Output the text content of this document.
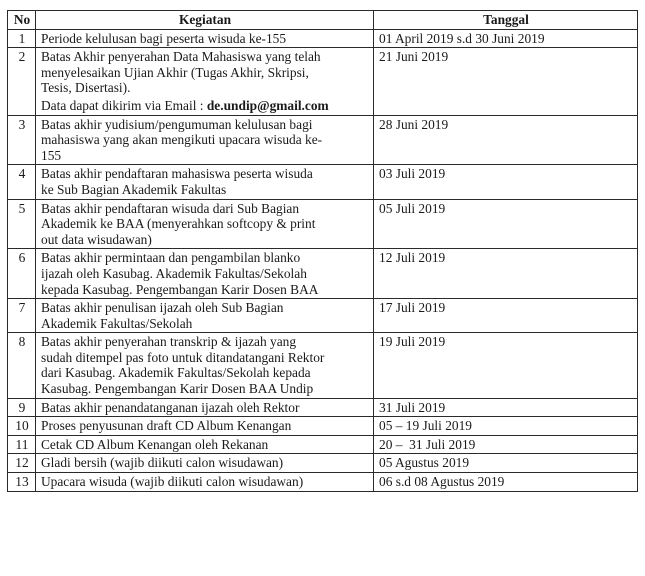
No	Kegiatan	Tanggal
1	Periode kelulusan bagi peserta wisuda ke-155	01 April 2019 s.d 30 Juni 2019
2	Batas Akhir penyerahan Data Mahasiswa yang telah
menyelesaikan Ujian Akhir (Tugas Akhir, Skripsi,
Tesis, Disertasi).
Data dapat dikirim via Email : de.undip@gmail.com	21 Juni 2019
3	Batas akhir yudisium/pengumuman kelulusan bagi
mahasiswa yang akan mengikuti upacara wisuda ke-
155	28 Juni 2019
4	Batas akhir pendaftaran mahasiswa peserta wisuda
ke Sub Bagian Akademik Fakultas	03 Juli 2019
5	Batas akhir pendaftaran wisuda dari Sub Bagian
Akademik ke BAA (menyerahkan softcopy & print
out data wisudawan)	05 Juli 2019
6	Batas akhir permintaan dan pengambilan blanko
ijazah oleh Kasubag. Akademik Fakultas/Sekolah
kepada Kasubag. Pengembangan Karir Dosen BAA	12 Juli 2019
7	Batas akhir penulisan ijazah oleh Sub Bagian
Akademik Fakultas/Sekolah	17 Juli 2019
8	Batas akhir penyerahan transkrip & ijazah yang
sudah ditempel pas foto untuk ditandatangani Rektor
dari Kasubag. Akademik Fakultas/Sekolah kepada
Kasubag. Pengembangan Karir Dosen BAA Undip	19 Juli 2019
9	Batas akhir penandatanganan ijazah oleh Rektor	31 Juli 2019
10	Proses penyusunan draft CD Album Kenangan	05 – 19 Juli 2019
11	Cetak CD Album Kenangan oleh Rekanan	20 –  31 Juli 2019
12	Gladi bersih (wajib diikuti calon wisudawan)	05 Agustus 2019
13	Upacara wisuda (wajib diikuti calon wisudawan)	06 s.d 08 Agustus 2019
